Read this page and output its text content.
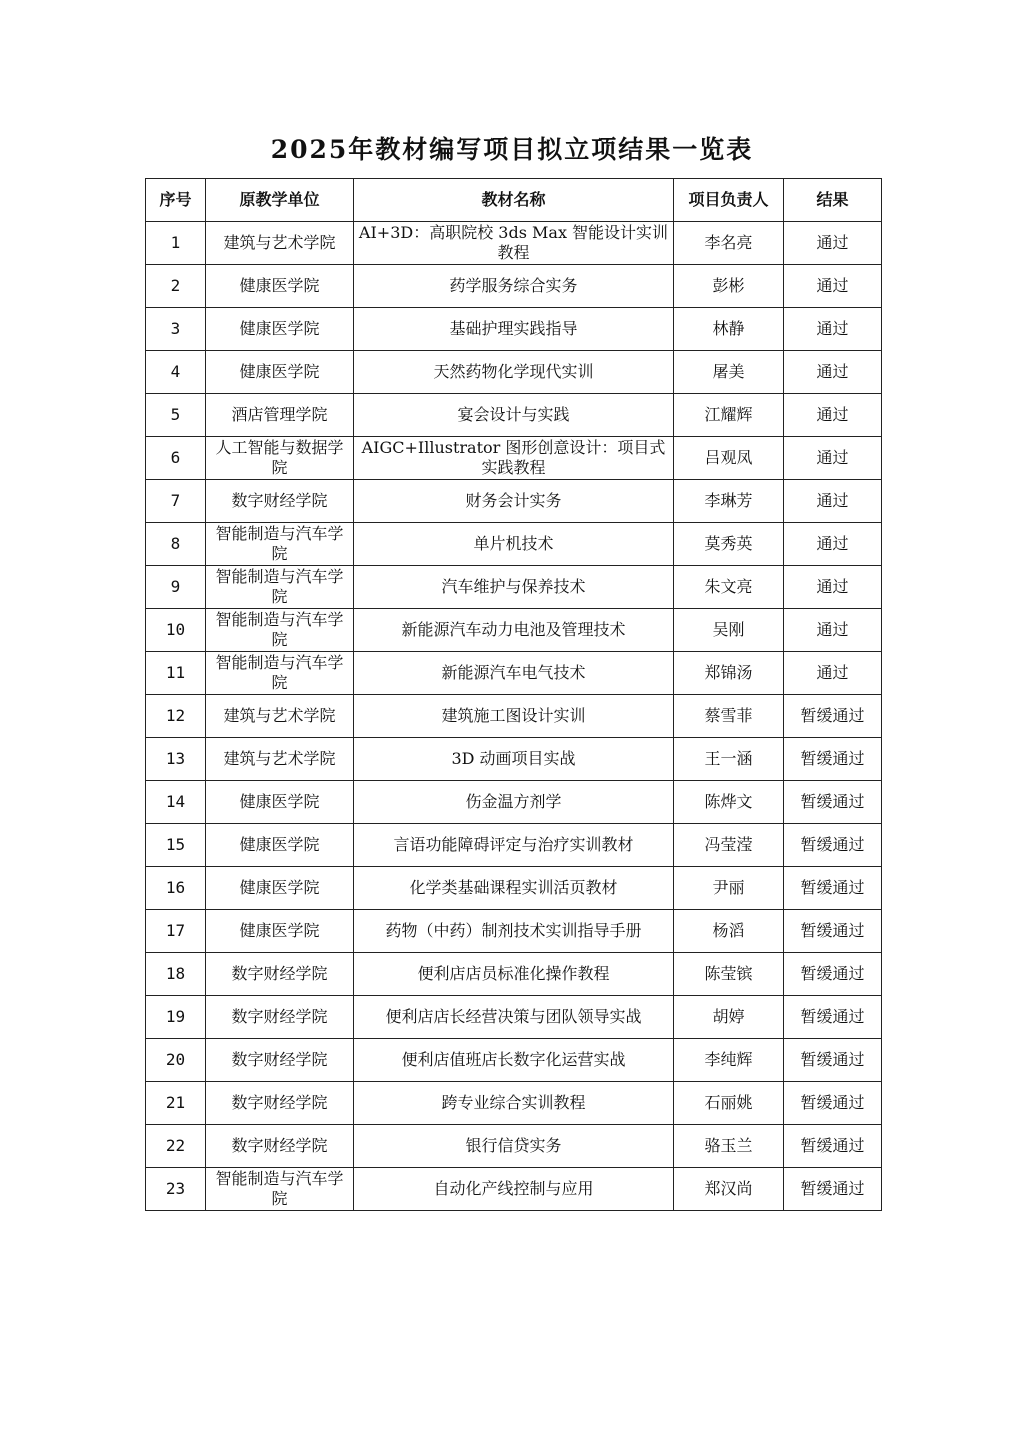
2025年教材编写项目拟立项结果一览表
序号	原教学单位	教材名称	项目负责人	结果
1	建筑与艺术学院	AI+3D：高职院校 3ds Max 智能设计实训教程	李名亮	通过
2	健康医学院	药学服务综合实务	彭彬	通过
3	健康医学院	基础护理实践指导	林静	通过
4	健康医学院	天然药物化学现代实训	屠美	通过
5	酒店管理学院	宴会设计与实践	江耀辉	通过
6	人工智能与数据学院	AIGC+Illustrator 图形创意设计：项目式实践教程	吕观凤	通过
7	数字财经学院	财务会计实务	李琳芳	通过
8	智能制造与汽车学院	单片机技术	莫秀英	通过
9	智能制造与汽车学院	汽车维护与保养技术	朱文亮	通过
10	智能制造与汽车学院	新能源汽车动力电池及管理技术	吴刚	通过
11	智能制造与汽车学院	新能源汽车电气技术	郑锦汤	通过
12	建筑与艺术学院	建筑施工图设计实训	蔡雪菲	暂缓通过
13	建筑与艺术学院	3D 动画项目实战	王一涵	暂缓通过
14	健康医学院	伤金温方剂学	陈烨文	暂缓通过
15	健康医学院	言语功能障碍评定与治疗实训教材	冯莹滢	暂缓通过
16	健康医学院	化学类基础课程实训活页教材	尹丽	暂缓通过
17	健康医学院	药物（中药）制剂技术实训指导手册	杨滔	暂缓通过
18	数字财经学院	便利店店员标准化操作教程	陈莹镔	暂缓通过
19	数字财经学院	便利店店长经营决策与团队领导实战	胡婷	暂缓通过
20	数字财经学院	便利店值班店长数字化运营实战	李纯辉	暂缓通过
21	数字财经学院	跨专业综合实训教程	石丽姚	暂缓通过
22	数字财经学院	银行信贷实务	骆玉兰	暂缓通过
23	智能制造与汽车学院	自动化产线控制与应用	郑汉尚	暂缓通过
